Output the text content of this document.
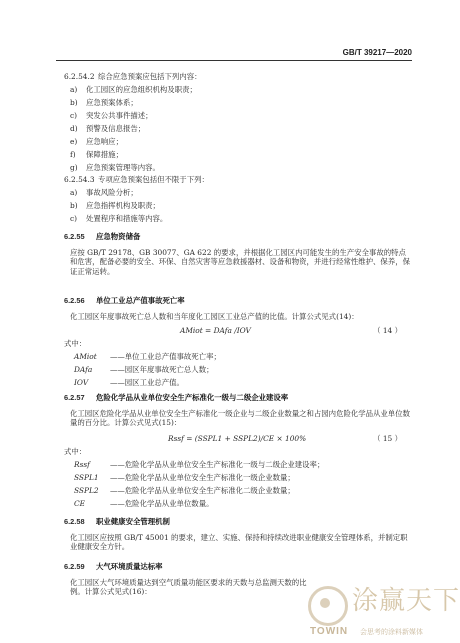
GB/T 39217—2020
6.2.54.2 综合应急预案应包括下列内容：
a) 化工园区的应急组织机构及职责；
b) 应急预案体系；
c) 突发公共事件描述；
d) 预警及信息报告；
e) 应急响应；
f) 保障措施；
g) 应急预案管理等内容。
6.2.54.3 专项应急预案包括但不限于下列：
a) 事故风险分析；
b) 应急指挥机构及职责；
c) 处置程序和措施等内容。
6.2.55 应急物资储备
应按 GB/T 29178、GB 30077、GA 622 的要求，并根据化工园区内可能发生的生产安全事故的特点和危害，配备必要的安全、环保、自然灾害等应急救援器材、设备和物资，并进行经常性维护、保养，保证正常运转。
6.2.56 单位工业总产值事故死亡率
化工园区年度事故死亡总人数和当年度化工园区工业总产值的比值。计算公式见式(14)：
AMiot = DAfa /IOV	（ 14 ）
式中：
AMiot ——单位工业总产值事故死亡率；
DAfa ——园区年度事故死亡总人数；
IOV	——园区工业总产值。
6.2.57 危险化学品从业单位安全生产标准化一级与二级企业建设率
化工园区危险化学品从业单位安全生产标准化一级企业与二级企业数量之和占园内危险化学品从业单位数量的百分比。计算公式见式(15)：
Rssf = (SSPL1 + SSPL2)/CE × 100%	（ 15 ）
式中：
Rssf	——危险化学品从业单位安全生产标准化一级与二级企业建设率；
SSPL1 ——危险化学品从业单位安全生产标准化一级企业数量；
SSPL2 ——危险化学品从业单位安全生产标准化二级企业数量；
CE	——危险化学品从业单位数量。
6.2.58 职业健康安全管理机制
化工园区应按照 GB/T 45001 的要求，建立、实施、保持和持续改进职业健康安全管理体系，并制定职业健康安全方针。
6.2.59 大气环境质量达标率
化工园区大气环境质量达到空气质量功能区要求的天数与总监测天数的比例。计算公式见式(16)：	涂赢天下
TOWIN 会思考的涂料新媒体
